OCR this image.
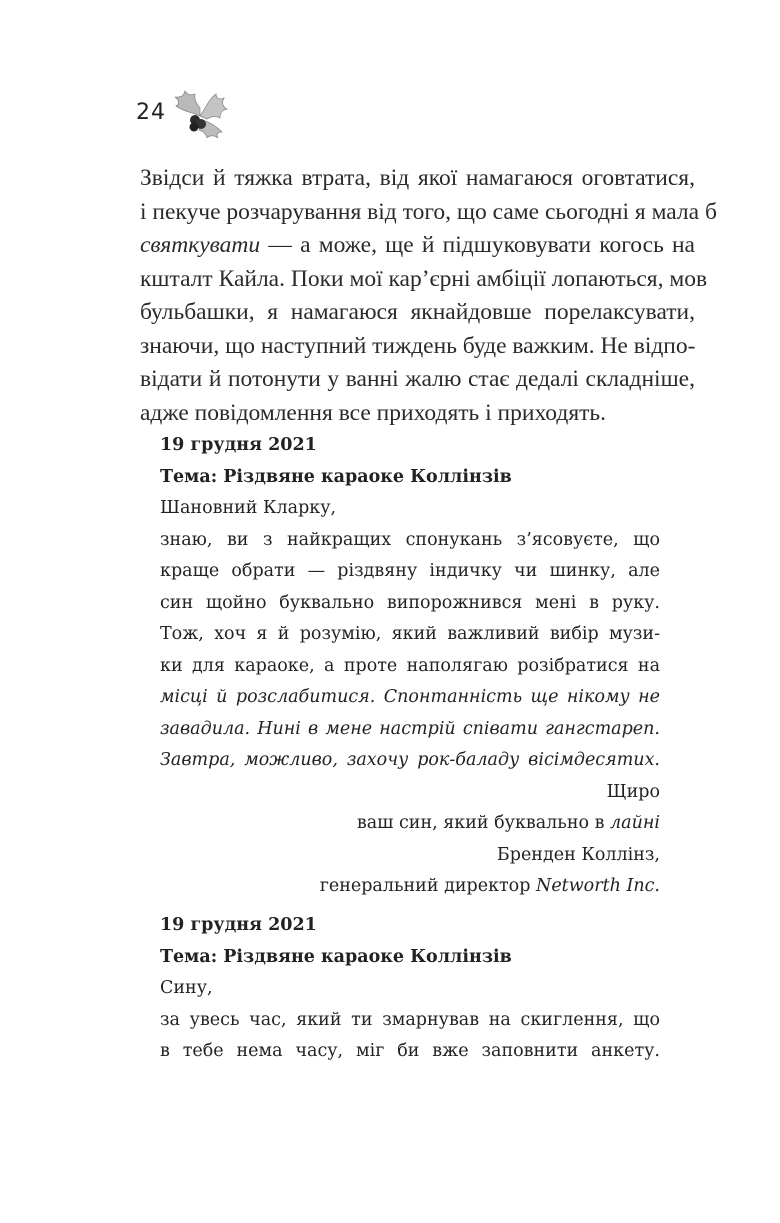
24
Звідси й тяжка втрата, від якої намагаюся оговтатися,
і пекуче розчарування від того, що саме сьогодні я мала б
святкувати — а може, ще й підшуковувати когось на
кшталт Кайла. Поки мої кар’єрні амбіції лопаються, мов
бульбашки, я намагаюся якнайдовше порелаксувати,
знаючи, що наступний тиждень буде важким. Не відпо-
відати й потонути у ванні жалю стає дедалі складніше,
адже повідомлення все приходять і приходять.
19 грудня 2021
Тема: Різдвяне караоке Коллінзів
Шановний Кларку,
знаю, ви з найкращих спонукань з’ясовуєте, що
краще обрати — різдвяну індичку чи шинку, але
син щойно буквально випорожнився мені в руку.
Тож, хоч я й розумію, який важливий вибір музи-
ки для караоке, а проте наполягаю розібратися на
місці й розслабитися. Спонтанність ще нікому не
завадила. Нині в мене настрій співати гангстареп.
Завтра, можливо, захочу рок-баладу вісімдесятих.
Щиро
ваш син, який буквально в лайні
Бренден Коллінз,
генеральний директор Networth Inc.
19 грудня 2021
Тема: Різдвяне караоке Коллінзів
Сину,
за увесь час, який ти змарнував на скиглення, що
в тебе нема часу, міг би вже заповнити анкету.
